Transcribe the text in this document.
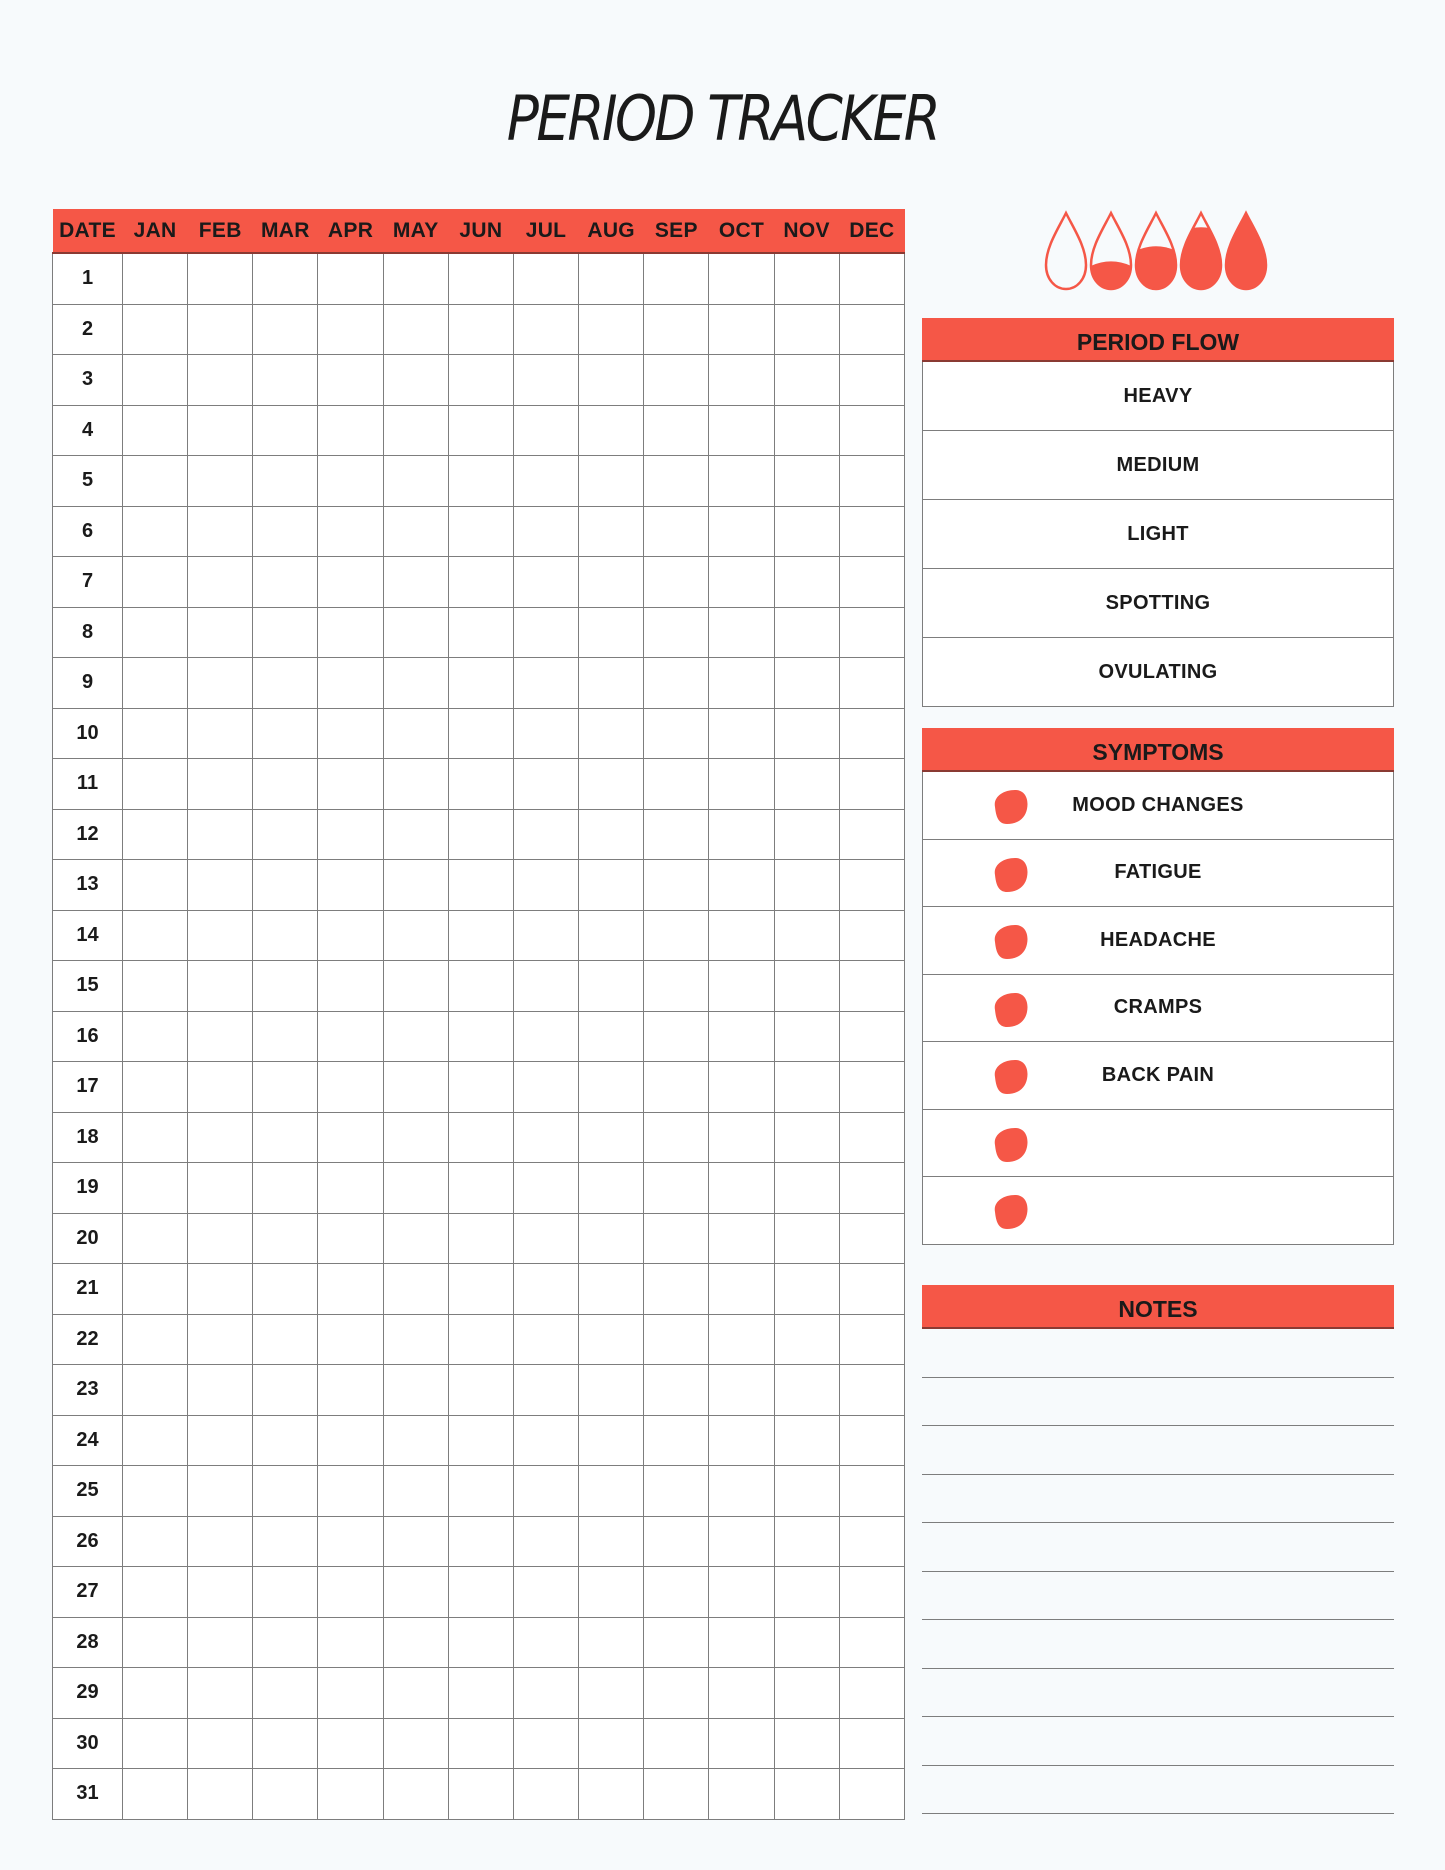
PERIOD TRACKER
DATE	JAN	FEB	MAR	APR	MAY	JUN	JUL	AUG	SEP	OCT	NOV	DEC
1												
2												
3												
4												
5												
6												
7												
8												
9												
10												
11												
12												
13												
14												
15												
16												
17												
18												
19												
20												
21												
22												
23												
24												
25												
26												
27												
28												
29												
30												
31												
PERIOD FLOW
HEAVY
MEDIUM
LIGHT
SPOTTING
OVULATING
SYMPTOMS
MOOD CHANGES
FATIGUE
HEADACHE
CRAMPS
BACK PAIN
NOTES
